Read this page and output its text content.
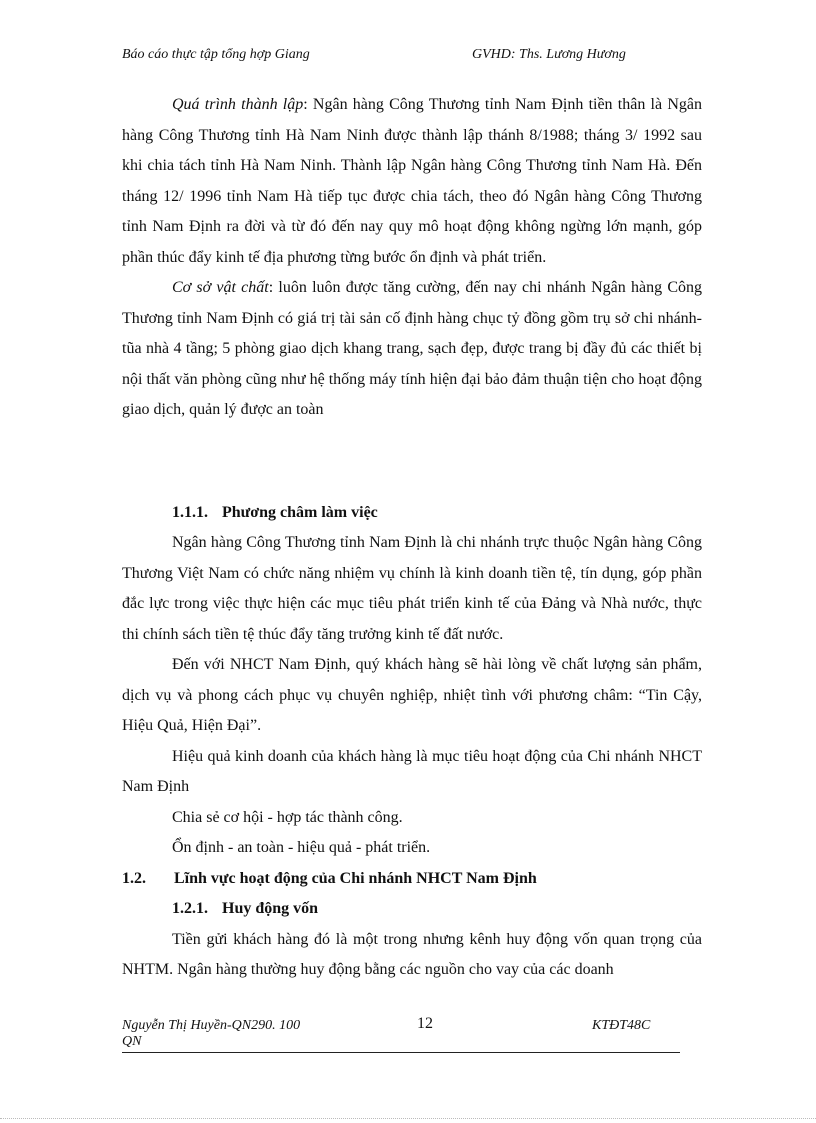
Báo cáo thực tập tổng hợp Giang	GVHD: Ths. Lương Hương

Quá trình thành lập: Ngân hàng Công Thương tỉnh Nam Định tiền thân là Ngân hàng Công Thương tỉnh Hà Nam Ninh được thành lập thánh 8/1988; tháng 3/ 1992 sau khi chia tách tỉnh Hà Nam Ninh. Thành lập Ngân hàng Công Thương tỉnh Nam Hà. Đến tháng 12/ 1996 tỉnh Nam Hà tiếp tục được chia tách, theo đó Ngân hàng Công Thương tỉnh Nam Định ra đời và từ đó đến nay quy mô hoạt động không ngừng lớn mạnh, góp phần thúc đẩy kinh tế địa phương từng bước ổn định và phát triển.

Cơ sở vật chất: luôn luôn được tăng cường, đến nay chi nhánh Ngân hàng Công Thương tỉnh Nam Định có giá trị tài sản cố định hàng chục tỷ đồng gồm trụ sở chi nhánh- tũa nhà 4 tầng; 5 phòng giao dịch khang trang, sạch đẹp, được trang bị đầy đủ các thiết bị nội thất văn phòng cũng như hệ thống máy tính hiện đại bảo đảm thuận tiện cho hoạt động giao dịch, quản lý được an toàn

1.1.1. Phương châm làm việc

Ngân hàng Công Thương tỉnh Nam Định là chi nhánh trực thuộc Ngân hàng Công Thương Việt Nam có chức năng nhiệm vụ chính là kinh doanh tiền tệ, tín dụng, góp phần đắc lực trong việc thực hiện các mục tiêu phát triển kinh tế của Đảng và Nhà nước, thực thi chính sách tiền tệ thúc đẩy tăng trưởng kinh tế đất nước.

Đến với NHCT Nam Định, quý khách hàng sẽ hài lòng về chất lượng sản phẩm, dịch vụ và phong cách phục vụ chuyên nghiệp, nhiệt tình với phương châm: “Tin Cậy, Hiệu Quả, Hiện Đại”.

Hiệu quả kinh doanh của khách hàng là mục tiêu hoạt động của Chi nhánh NHCT Nam Định

Chia sẻ cơ hội - hợp tác thành công.

Ổn định - an toàn - hiệu quả - phát triển.

1.2. Lĩnh vực hoạt động của Chi nhánh NHCT Nam Định

1.2.1. Huy động vốn

Tiền gửi khách hàng đó là một trong nhưng kênh huy động vốn quan trọng của NHTM. Ngân hàng thường huy động bằng các nguồn cho vay của các doanh

Nguyễn Thị Huyền-QN290. 100 QN
12	KTĐT48C
